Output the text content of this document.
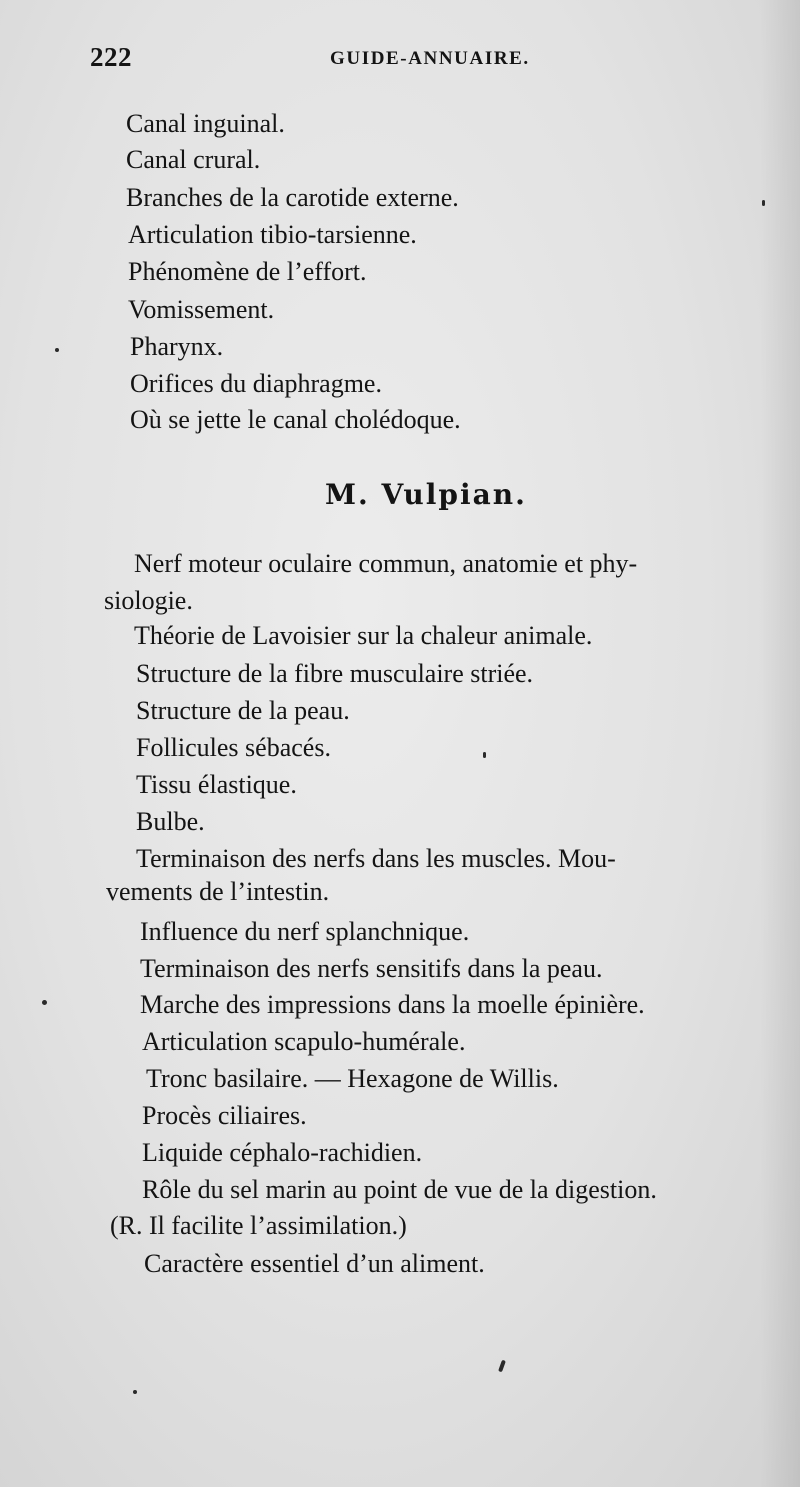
222	GUIDE-ANNUAIRE.
Canal inguinal.
Canal crural.
Branches de la carotide externe.
Articulation tibio-tarsienne.
Phénomène de l’effort.
Vomissement.
Pharynx.
Orifices du diaphragme.
Où se jette le canal cholédoque.
M. Vulpian.
Nerf moteur oculaire commun, anatomie et phy-
siologie.
Théorie de Lavoisier sur la chaleur animale.
Structure de la fibre musculaire striée.
Structure de la peau.
Follicules sébacés.
Tissu élastique.
Bulbe.
Terminaison des nerfs dans les muscles. Mou-
vements de l’intestin.
Influence du nerf splanchnique.
Terminaison des nerfs sensitifs dans la peau.
Marche des impressions dans la moelle épinière.
Articulation scapulo-humérale.
Tronc basilaire. — Hexagone de Willis.
Procès ciliaires.
Liquide céphalo-rachidien.
Rôle du sel marin au point de vue de la digestion.
(R. Il facilite l’assimilation.)
Caractère essentiel d’un aliment.
